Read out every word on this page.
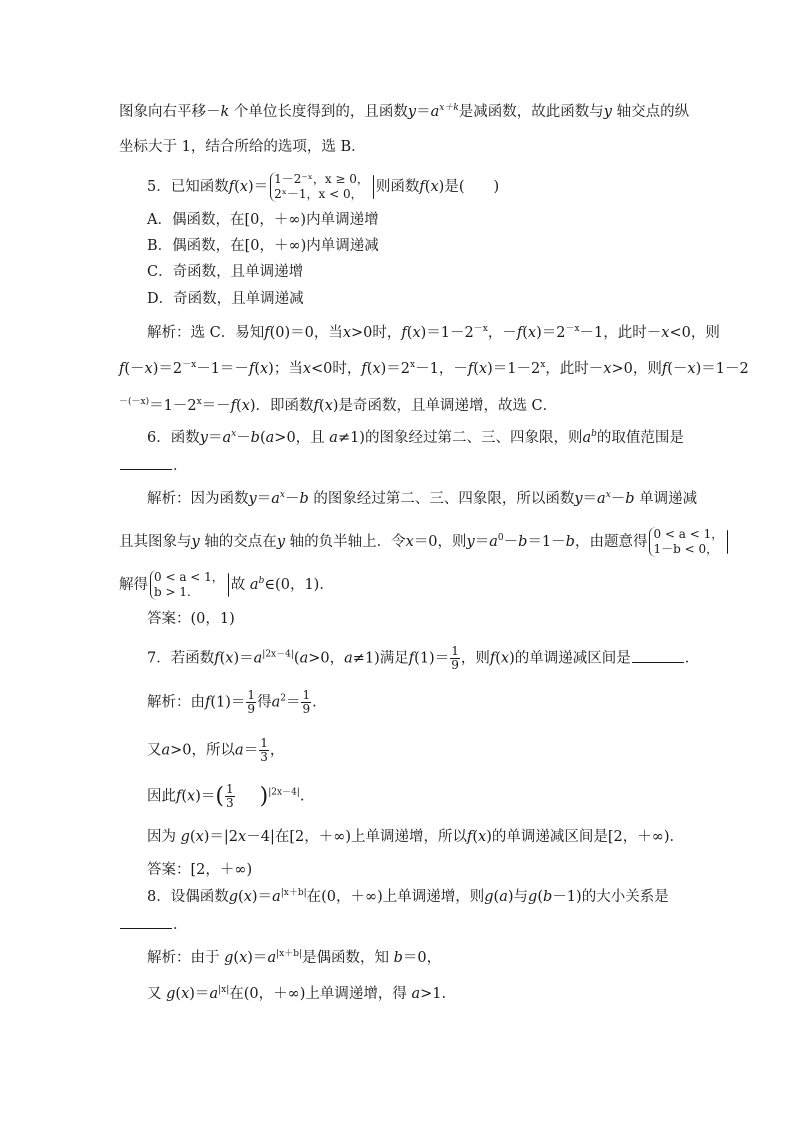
图象向右平移－k 个单位长度得到的，且函数$y=a^{x+k}$是减函数，故此函数与y 轴交点的纵
坐标大于 1，结合所给的选项，选 B．
5．已知函数f(x)＝ 1－2⁻ˣ，x ≥ 0，
2ˣ－1，x < 0， 则函数f(x)是(　　)
A．偶函数，在[0，＋∞)内单调递增
B．偶函数，在[0，＋∞)内单调递减
C．奇函数，且单调递增
D．奇函数，且单调递减
解析：选 C．易知f(0)＝0，当x>0时，$f(x)=1-2^{-x}$，$-f(x)=2^{-x}-1$，此时－x<0，则
$f(-x)=2^{-x}-1=-f(x)$；当x<0时，$f(x)=2^x-1$，$-f(x)=1-2^x$，此时－x>0，则f(－x)＝1－2
$^{-(-x)}=1-2^x=-f(x)$．即函数f(x)是奇函数，且单调递增，故选 C．
6．函数$y=a^x-b(a>0$，且 a≠1)的图象经过第二、三、四象限，则$a^b$的取值范围是
．
解析：因为函数$y=a^x-b$ 的图象经过第二、三、四象限，所以函数$y=a^x-b$ 单调递减
且其图象与y 轴的交点在y 轴的负半轴上．令x＝0，则$y=a^0-b=1-b$，由题意得 0 < a < 1，
1－b < 0，
解得 0 < a < 1，
b > 1.	故 $a^b\in(0$，1)．
答案：(0，1)
7．若函数$f(x)=a^{|2x-4|}(a>0$，a≠1)满足$f(1)= \frac{1}{9}$ ，则f(x)的单调递减区间是	．
解析：由$f(1)= \frac{1}{9}$ 得$a^2= \frac{1}{9}$ .
又a>0，所以$a= \frac{1}{3}$ ，
因此$f(x)=( \frac{1}{3} )^{|2x-4|}$.
因为 g(x)＝|2x－4|在[2，＋∞)上单调递增，所以f(x)的单调递减区间是[2，＋∞)．
答案：[2，＋∞)
8．设偶函数$g(x)=a^{|x+b|}$在(0，＋∞)上单调递增，则g(a)与g(b－1)的大小关系是
．
解析：由于 $g(x)=a^{|x+b|}$是偶函数，知 b＝0，
又 $g(x)=a^{|x|}$在(0，＋∞)上单调递增，得 a>1.
